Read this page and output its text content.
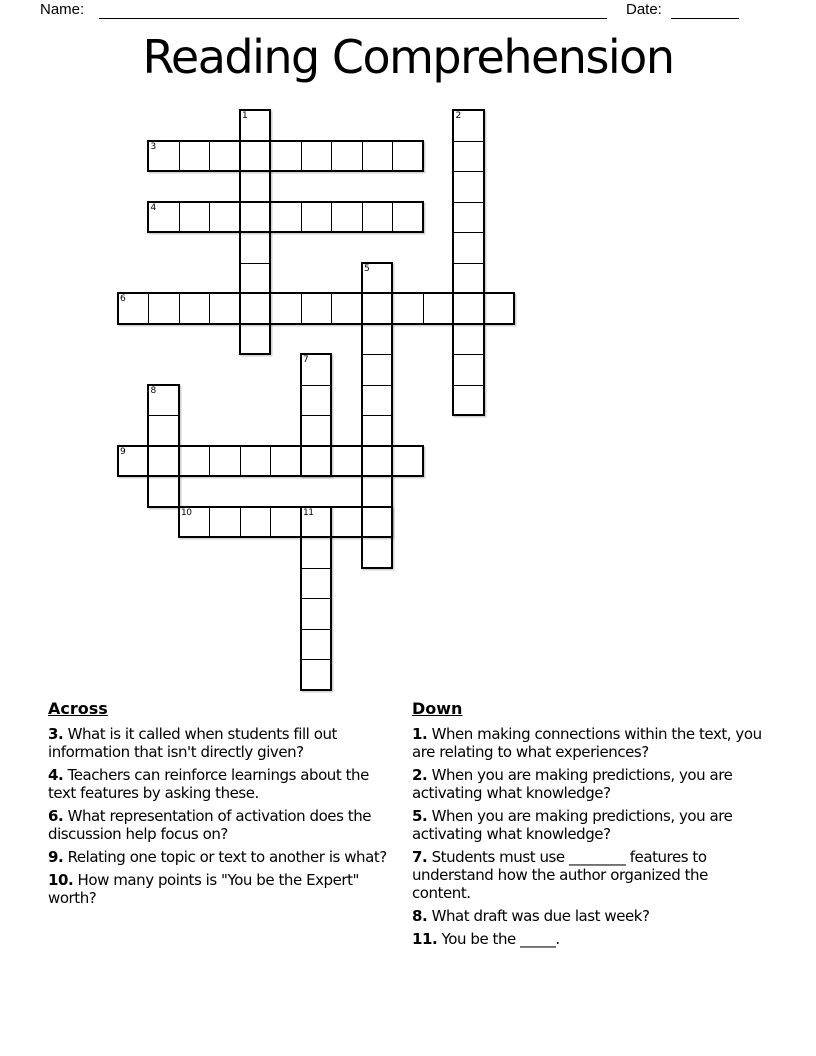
Name:	Date:
Reading Comprehension
1	2
3
4
5
6
7
8
9
10	11
Across
3. What is it called when students fill out information that isn't directly given?
4. Teachers can reinforce learnings about the text features by asking these.
6. What representation of activation does the discussion help focus on?
9. Relating one topic or text to another is what?
10. How many points is "You be the Expert" worth?
Down
1. When making connections within the text, you are relating to what experiences?
2. When you are making predictions, you are activating what knowledge?
5. When you are making predictions, you are activating what knowledge?
7. Students must use ________ features to understand how the author organized the content.
8. What draft was due last week?
11. You be the _____.
